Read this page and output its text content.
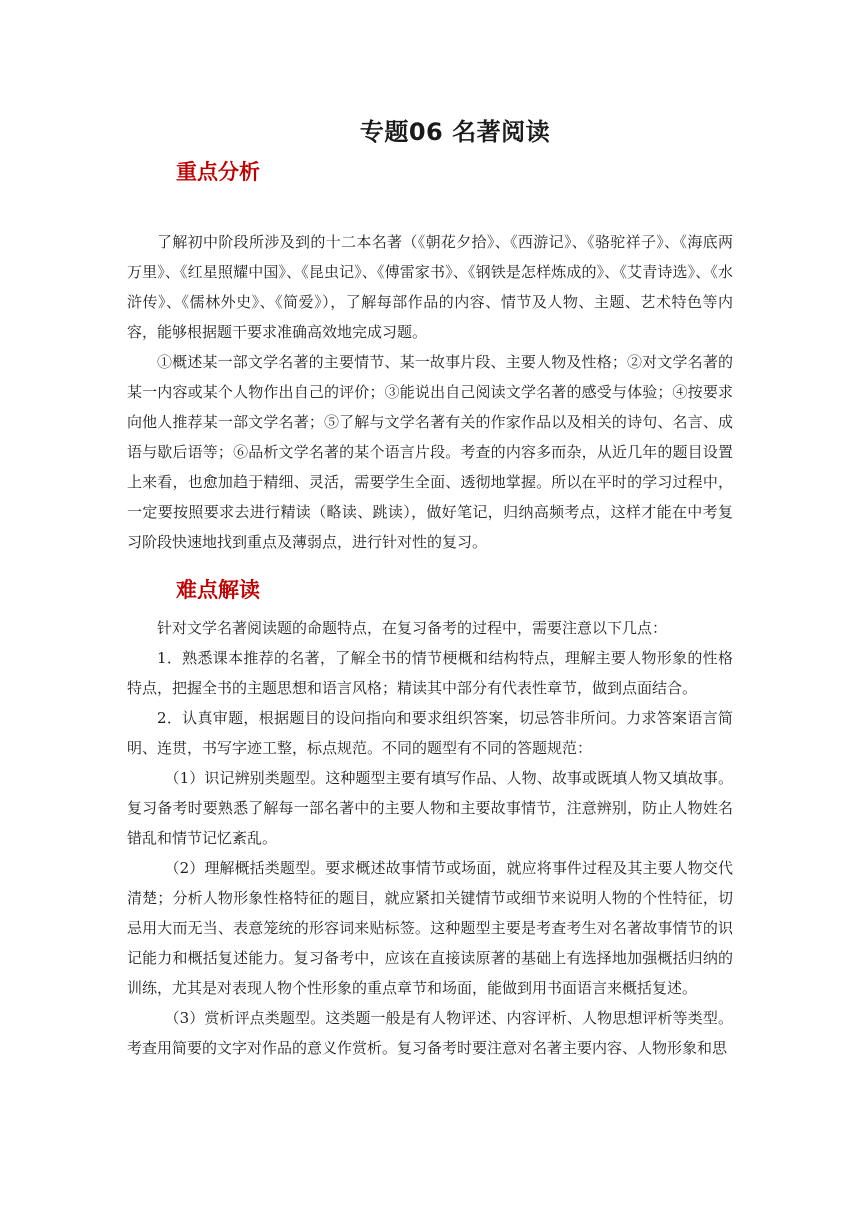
专题06 名著阅读
重点分析

了解初中阶段所涉及到的十二本名著（《朝花夕拾》、《西游记》、《骆驼祥子》、《海底两万里》、《红星照耀中国》、《昆虫记》、《傅雷家书》、《钢铁是怎样炼成的》、《艾青诗选》、《水浒传》、《儒林外史》、《简爱》），了解每部作品的内容、情节及人物、主题、艺术特色等内容，能够根据题干要求准确高效地完成习题。

①概述某一部文学名著的主要情节、某一故事片段、主要人物及性格；②对文学名著的某一内容或某个人物作出自己的评价；③能说出自己阅读文学名著的感受与体验；④按要求向他人推荐某一部文学名著；⑤了解与文学名著有关的作家作品以及相关的诗句、名言、成语与歇后语等；⑥品析文学名著的某个语言片段。考查的内容多而杂，从近几年的题目设置上来看，也愈加趋于精细、灵活，需要学生全面、透彻地掌握。所以在平时的学习过程中，一定要按照要求去进行精读（略读、跳读），做好笔记，归纳高频考点，这样才能在中考复习阶段快速地找到重点及薄弱点，进行针对性的复习。

难点解读

针对文学名著阅读题的命题特点，在复习备考的过程中，需要注意以下几点：

1．熟悉课本推荐的名著，了解全书的情节梗概和结构特点，理解主要人物形象的性格特点，把握全书的主题思想和语言风格；精读其中部分有代表性章节，做到点面结合。

2．认真审题，根据题目的设问指向和要求组织答案，切忌答非所问。力求答案语言简明、连贯，书写字迹工整，标点规范。不同的题型有不同的答题规范：

（1）识记辨别类题型。这种题型主要有填写作品、人物、故事或既填人物又填故事。复习备考时要熟悉了解每一部名著中的主要人物和主要故事情节，注意辨别，防止人物姓名错乱和情节记忆紊乱。

（2）理解概括类题型。要求概述故事情节或场面，就应将事件过程及其主要人物交代清楚；分析人物形象性格特征的题目，就应紧扣关键情节或细节来说明人物的个性特征，切忌用大而无当、表意笼统的形容词来贴标签。这种题型主要是考查考生对名著故事情节的识记能力和概括复述能力。复习备考中，应该在直接读原著的基础上有选择地加强概括归纳的训练，尤其是对表现人物个性形象的重点章节和场面，能做到用书面语言来概括复述。

（3）赏析评点类题型。这类题一般是有人物评述、内容评析、人物思想评析等类型。考查用简要的文字对作品的意义作赏析。复习备考时要注意对名著主要内容、人物形象和思
